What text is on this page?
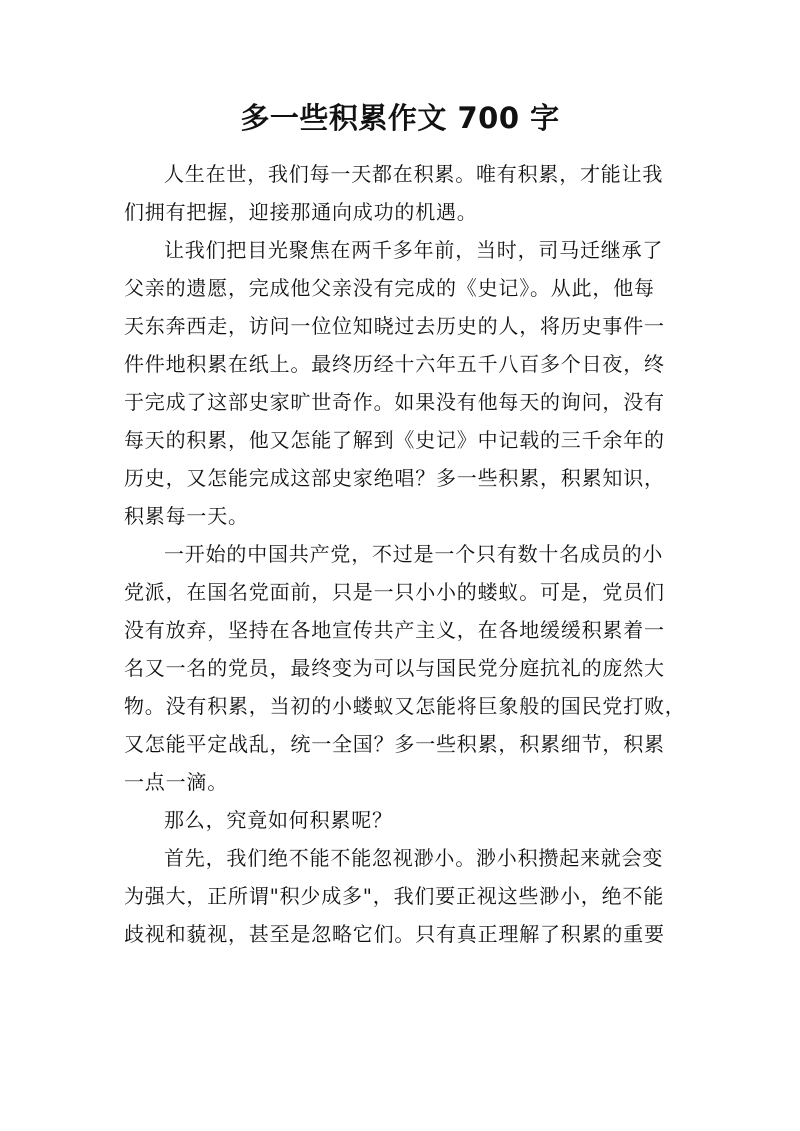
多一些积累作文 700 字

人生在世，我们每一天都在积累。唯有积累，才能让我
们拥有把握，迎接那通向成功的机遇。

让我们把目光聚焦在两千多年前，当时，司马迁继承了
父亲的遗愿，完成他父亲没有完成的《史记》。从此，他每
天东奔西走，访问一位位知晓过去历史的人，将历史事件一
件件地积累在纸上。最终历经十六年五千八百多个日夜，终
于完成了这部史家旷世奇作。如果没有他每天的询问，没有
每天的积累，他又怎能了解到《史记》中记载的三千余年的
历史，又怎能完成这部史家绝唱？多一些积累，积累知识，
积累每一天。

一开始的中国共产党，不过是一个只有数十名成员的小
党派，在国名党面前，只是一只小小的蝼蚁。可是，党员们
没有放弃，坚持在各地宣传共产主义，在各地缓缓积累着一
名又一名的党员，最终变为可以与国民党分庭抗礼的庞然大
物。没有积累，当初的小蝼蚁又怎能将巨象般的国民党打败，
又怎能平定战乱，统一全国？多一些积累，积累细节，积累
一点一滴。

那么，究竟如何积累呢？

首先，我们绝不能不能忽视渺小。渺小积攒起来就会变
为强大，正所谓"积少成多"，我们要正视这些渺小，绝不能
歧视和藐视，甚至是忽略它们。只有真正理解了积累的重要
